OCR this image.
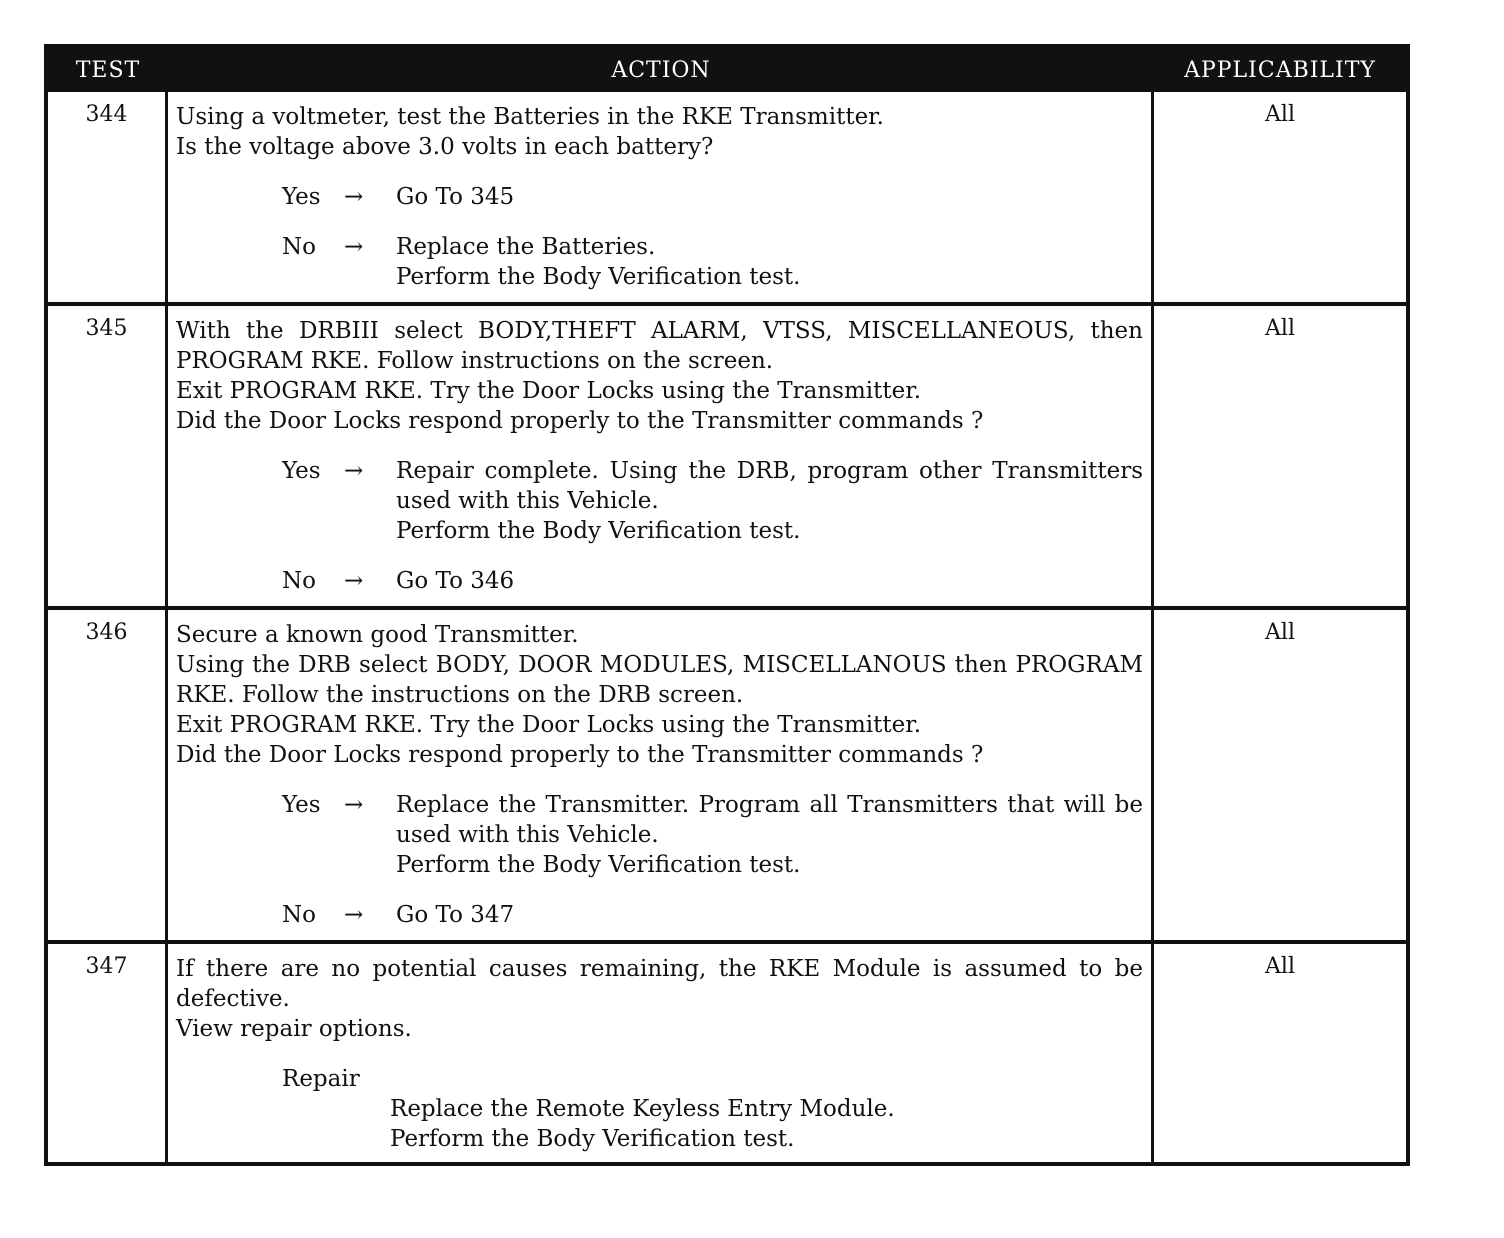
TEST	ACTION	APPLICABILITY
344	Using a voltmeter, test the Batteries in the RKE Transmitter.

Is the voltage above 3.0 volts in each battery?

Yes	→	Go To 345

No	→	Replace the Batteries.

Perform the Body Verification test.

All
345	With the DRBIII select BODY,THEFT ALARM, VTSS, MISCELLANEOUS, then PROGRAM RKE. Follow instructions on the screen.

Exit PROGRAM RKE. Try the Door Locks using the Transmitter.

Did the Door Locks respond properly to the Transmitter commands ?

Yes	→	Repair complete. Using the DRB, program other Transmitters used with this Vehicle.

Perform the Body Verification test.

No	→	Go To 346

All
346	Secure a known good Transmitter.

Using the DRB select BODY, DOOR MODULES, MISCELLANOUS then PROGRAM RKE. Follow the instructions on the DRB screen.

Exit PROGRAM RKE. Try the Door Locks using the Transmitter.

Did the Door Locks respond properly to the Transmitter commands ?

Yes	→	Replace the Transmitter. Program all Transmitters that will be used with this Vehicle.

Perform the Body Verification test.

No	→	Go To 347

All
347	If there are no potential causes remaining, the RKE Module is assumed to be defective.

View repair options.

Repair

Replace the Remote Keyless Entry Module.

Perform the Body Verification test.

All
